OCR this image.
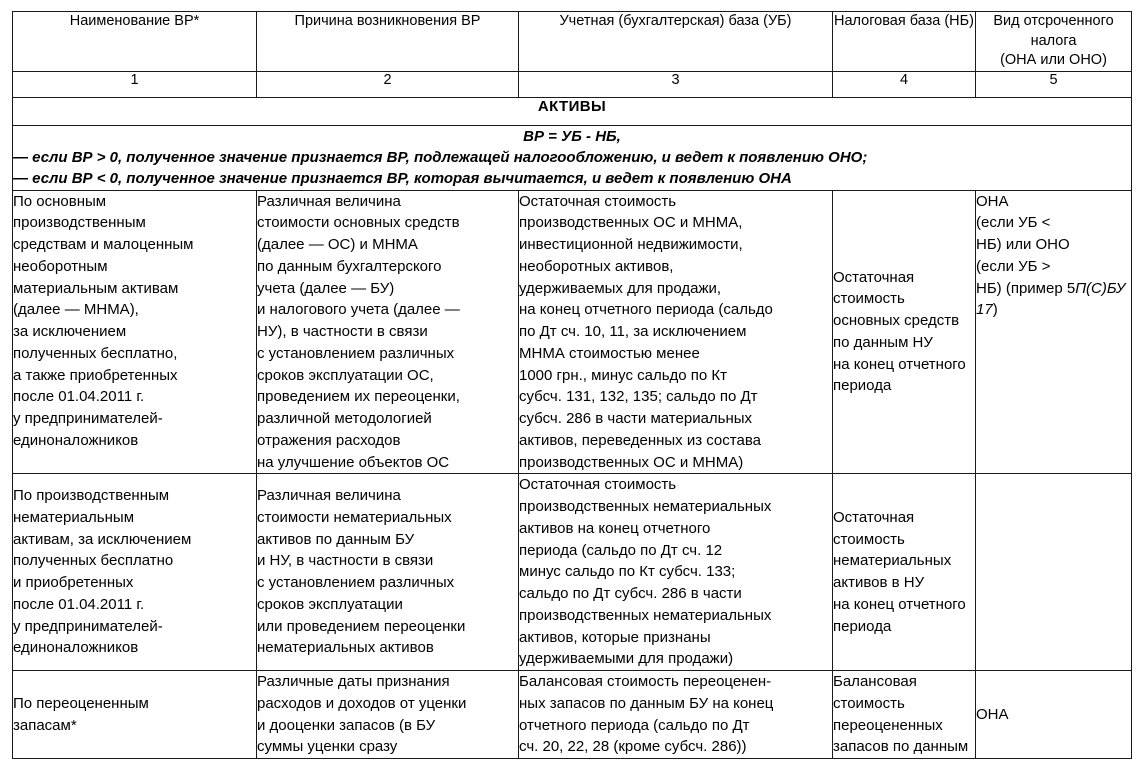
Наименование ВР*	Причина возникновения ВР	Учетная (бухгалтерская) база (УБ)	Налоговая база (НБ)	Вид отсроченного
налога
(ОНА или ОНО)
1	2	3	4	5
АКТИВЫ				

ВР = УБ - НБ,
— если ВР > 0, полученное значение признается ВР, подлежащей налогообложению, и ведет к появлению ОНО;
— если ВР < 0, полученное значение признается ВР, которая вычитается, и ведет к появлению ОНА				

По основным
производственным
средствам и малоценным
необоротным
материальным активам
(далее — МНМА),
за исключением
полученных бесплатно,
а также приобретенных
после 01.04.2011 г.
у предпринимателей-
единоналожников	Различная величина
стоимости основных средств
(далее — ОС) и МНМА
по данным бухгалтерского
учета (далее — БУ)
и налогового учета (далее —
НУ), в частности в связи
с установлением различных
сроков эксплуатации ОС,
проведением их переоценки,
различной методологией
отражения расходов
на улучшение объектов ОС	Остаточная стоимость
производственных ОС и МНМА,
инвестиционной недвижимости,
необоротных активов,
удерживаемых для продажи,
на конец отчетного периода (сальдо
по Дт сч. 10, 11, за исключением
МНМА стоимостью менее
1000 грн., минус сальдо по Кт
субсч. 131, 132, 135; сальдо по Дт
субсч. 286 в части материальных
активов, переведенных из состава
производственных ОС и МНМА)	Остаточная
стоимость
основных средств
по данным НУ
на конец отчетного
периода	ОНА
(если УБ <
НБ) или ОНО
(если УБ >
НБ) (пример 5П(С)БУ 17)
По производственным
нематериальным
активам, за исключением
полученных бесплатно
и приобретенных
после 01.04.2011 г.
у предпринимателей-
единоналожников	Различная величина
стоимости нематериальных
активов по данным БУ
и НУ, в частности в связи
с установлением различных
сроков эксплуатации
или проведением переоценки
нематериальных активов	Остаточная стоимость
производственных нематериальных
активов на конец отчетного
периода (сальдо по Дт сч. 12
минус сальдо по Кт субсч. 133;
сальдо по Дт субсч. 286 в части
производственных нематериальных
активов, которые признаны
удерживаемыми для продажи)	Остаточная
стоимость
нематериальных
активов в НУ
на конец отчетного
периода	
По переоцененным
запасам*	Различные даты признания
расходов и доходов от уценки
и дооценки запасов (в БУ
суммы уценки сразу	Балансовая стоимость переоценен-
ных запасов по данным БУ на конец
отчетного периода (сальдо по Дт
сч. 20, 22, 28 (кроме субсч. 286))	Балансовая
стоимость
переоцененных
запасов по данным	ОНА
